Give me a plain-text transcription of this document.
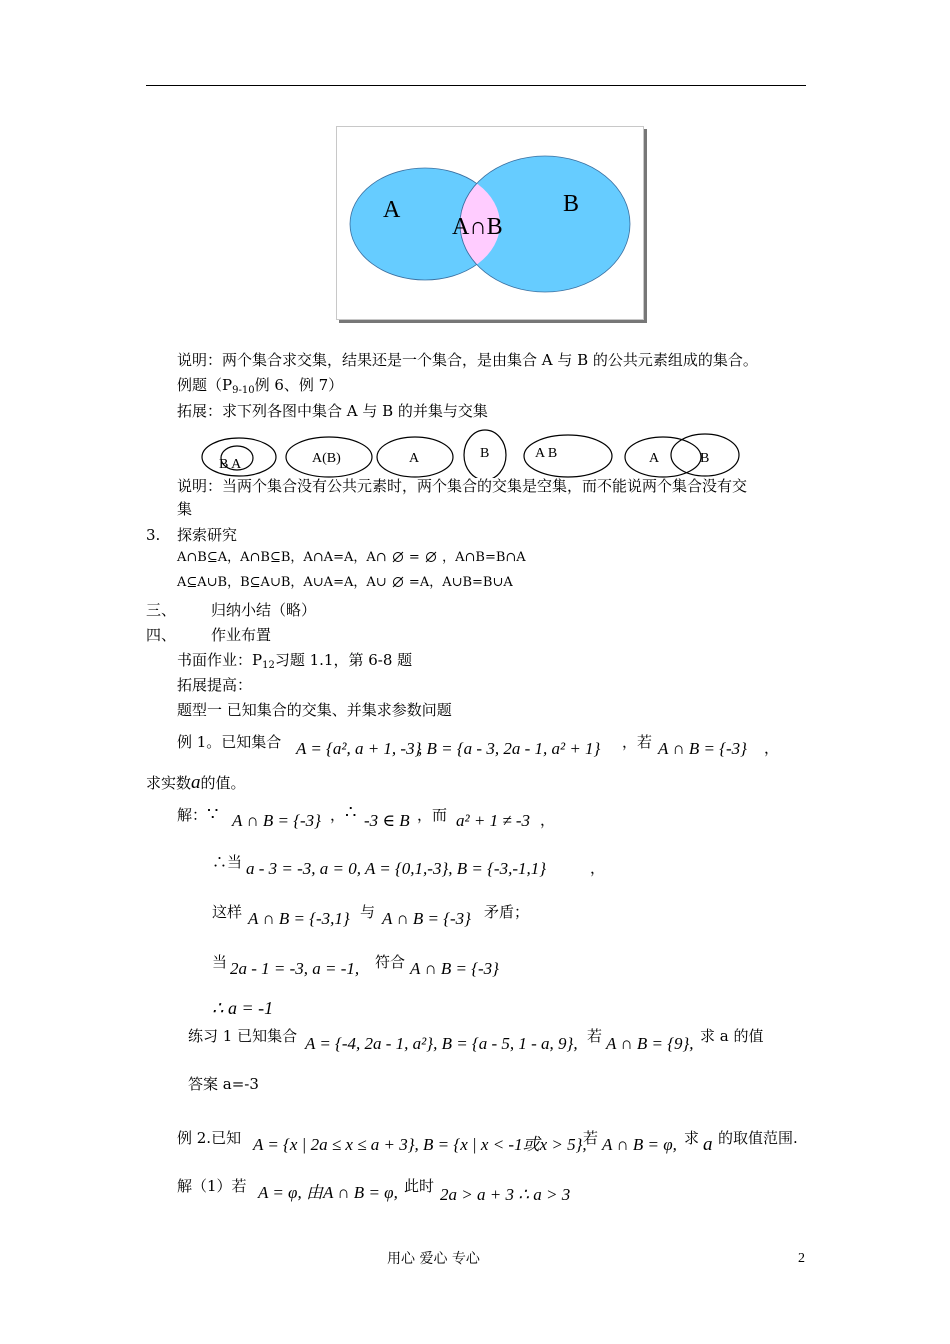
A	B
A∩B
说明：两个集合求交集，结果还是一个集合，是由集合 A 与 B 的公共元素组成的集合。
例题（$P_{9-10}$例 6、例 7）
拓展：求下列各图中集合 A 与 B 的并集与交集
B A	A(B)	A	B	A B	A	B
说明：当两个集合没有公共元素时，两个集合的交集是空集，而不能说两个集合没有交
集
3. 探索研究
A∩B⊆A，A∩B⊆B，A∩A=A，A∩ = ，A∩B=B∩A
A⊆A∪B，B⊆A∪B，A∪A=A，A∪ =A，A∪B=B∪A
三、 归纳小结（略）
四、 作业布置
书面作业：$P_{12}$习题 1.1，第 6-8 题
拓展提高：
题型一 已知集合的交集、并集求参数问题
例 1。已知集合 A = {a², a + 1, -3}
, B = {a - 3, 2a - 1, a² + 1} ，若 A ∩ B = {-3} ，
求实数a的值。
解：∵ A ∩ B = {-3} ， ∴ -3 ∈ B ，而 a² + 1 ≠ -3 ，
∴当 a - 3 = -3, a = 0, A = {0,1,-3}, B = {-3,-1,1}	，
这样 A ∩ B = {-3,1} 与 A ∩ B = {-3} 矛盾；
当 2a - 1 = -3, a = -1, 符合 A ∩ B = {-3}
∴ a = -1
练习 1 已知集合 A = {-4, 2a - 1, a²}, B = {a - 5, 1 - a, 9}, 若 A ∩ B = {9}, 求 a 的值
答案 a=-3
例 2.已知 A = {x | 2a ≤ x ≤ a + 3}, B = {x | x < -1或x > 5},
若 A ∩ B = φ, 求 a 的取值范围.
解（1）若 A = φ, 由A ∩ B = φ, 此时 2a > a + 3 ∴ a > 3
用心 爱心 专心	2
